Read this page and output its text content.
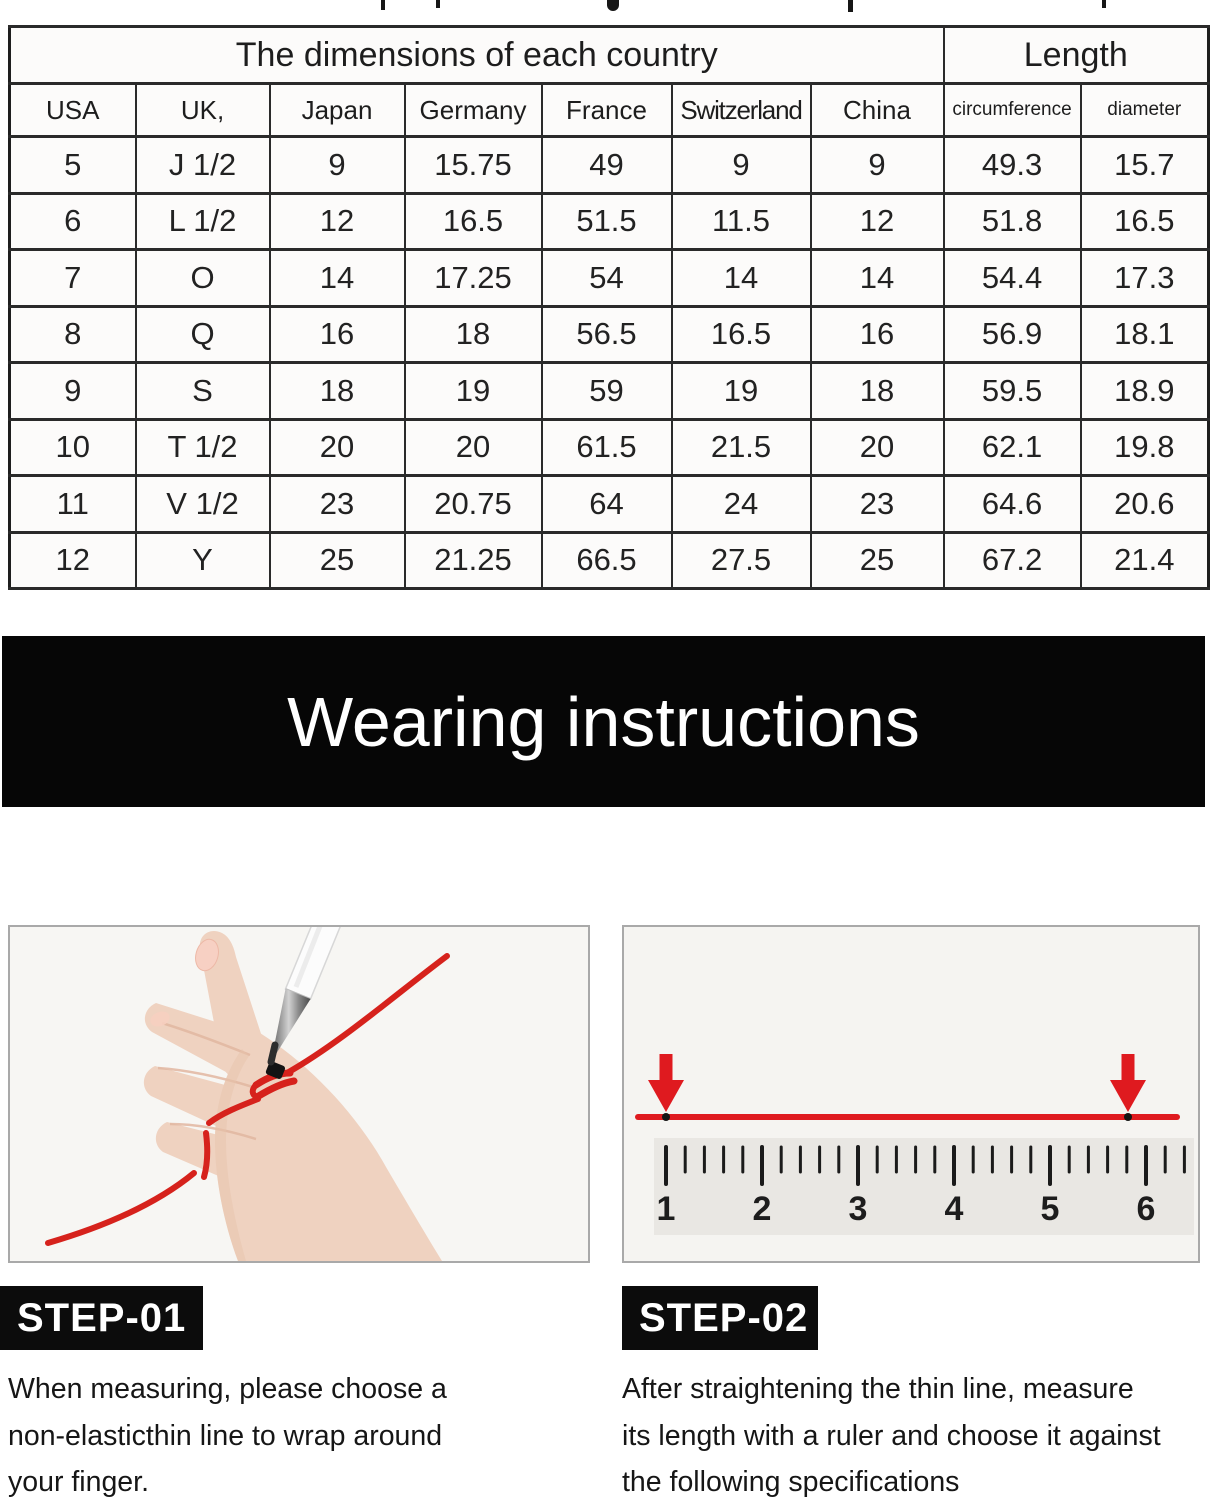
The dimensions of each country							Length	
USA	UK,	Japan	Germany	France	Switzerland	China	circumference	diameter
5	J 1/2	9	15.75	49	9	9	49.3	15.7
6	L 1/2	12	16.5	51.5	11.5	12	51.8	16.5
7	O	14	17.25	54	14	14	54.4	17.3
8	Q	16	18	56.5	16.5	16	56.9	18.1
9	S	18	19	59	19	18	59.5	18.9
10	T 1/2	20	20	61.5	21.5	20	62.1	19.8
11	V 1/2	23	20.75	64	24	23	64.6	20.6
12	Y	25	21.25	66.5	27.5	25	67.2	21.4
Wearing instructions
1 2 3 4 5 6
STEP-01	STEP-02
When measuring, please choose a
non-elasticthin line to wrap around
your finger.
After straightening the thin line, measure
its length with a ruler and choose it against
the following specifications
